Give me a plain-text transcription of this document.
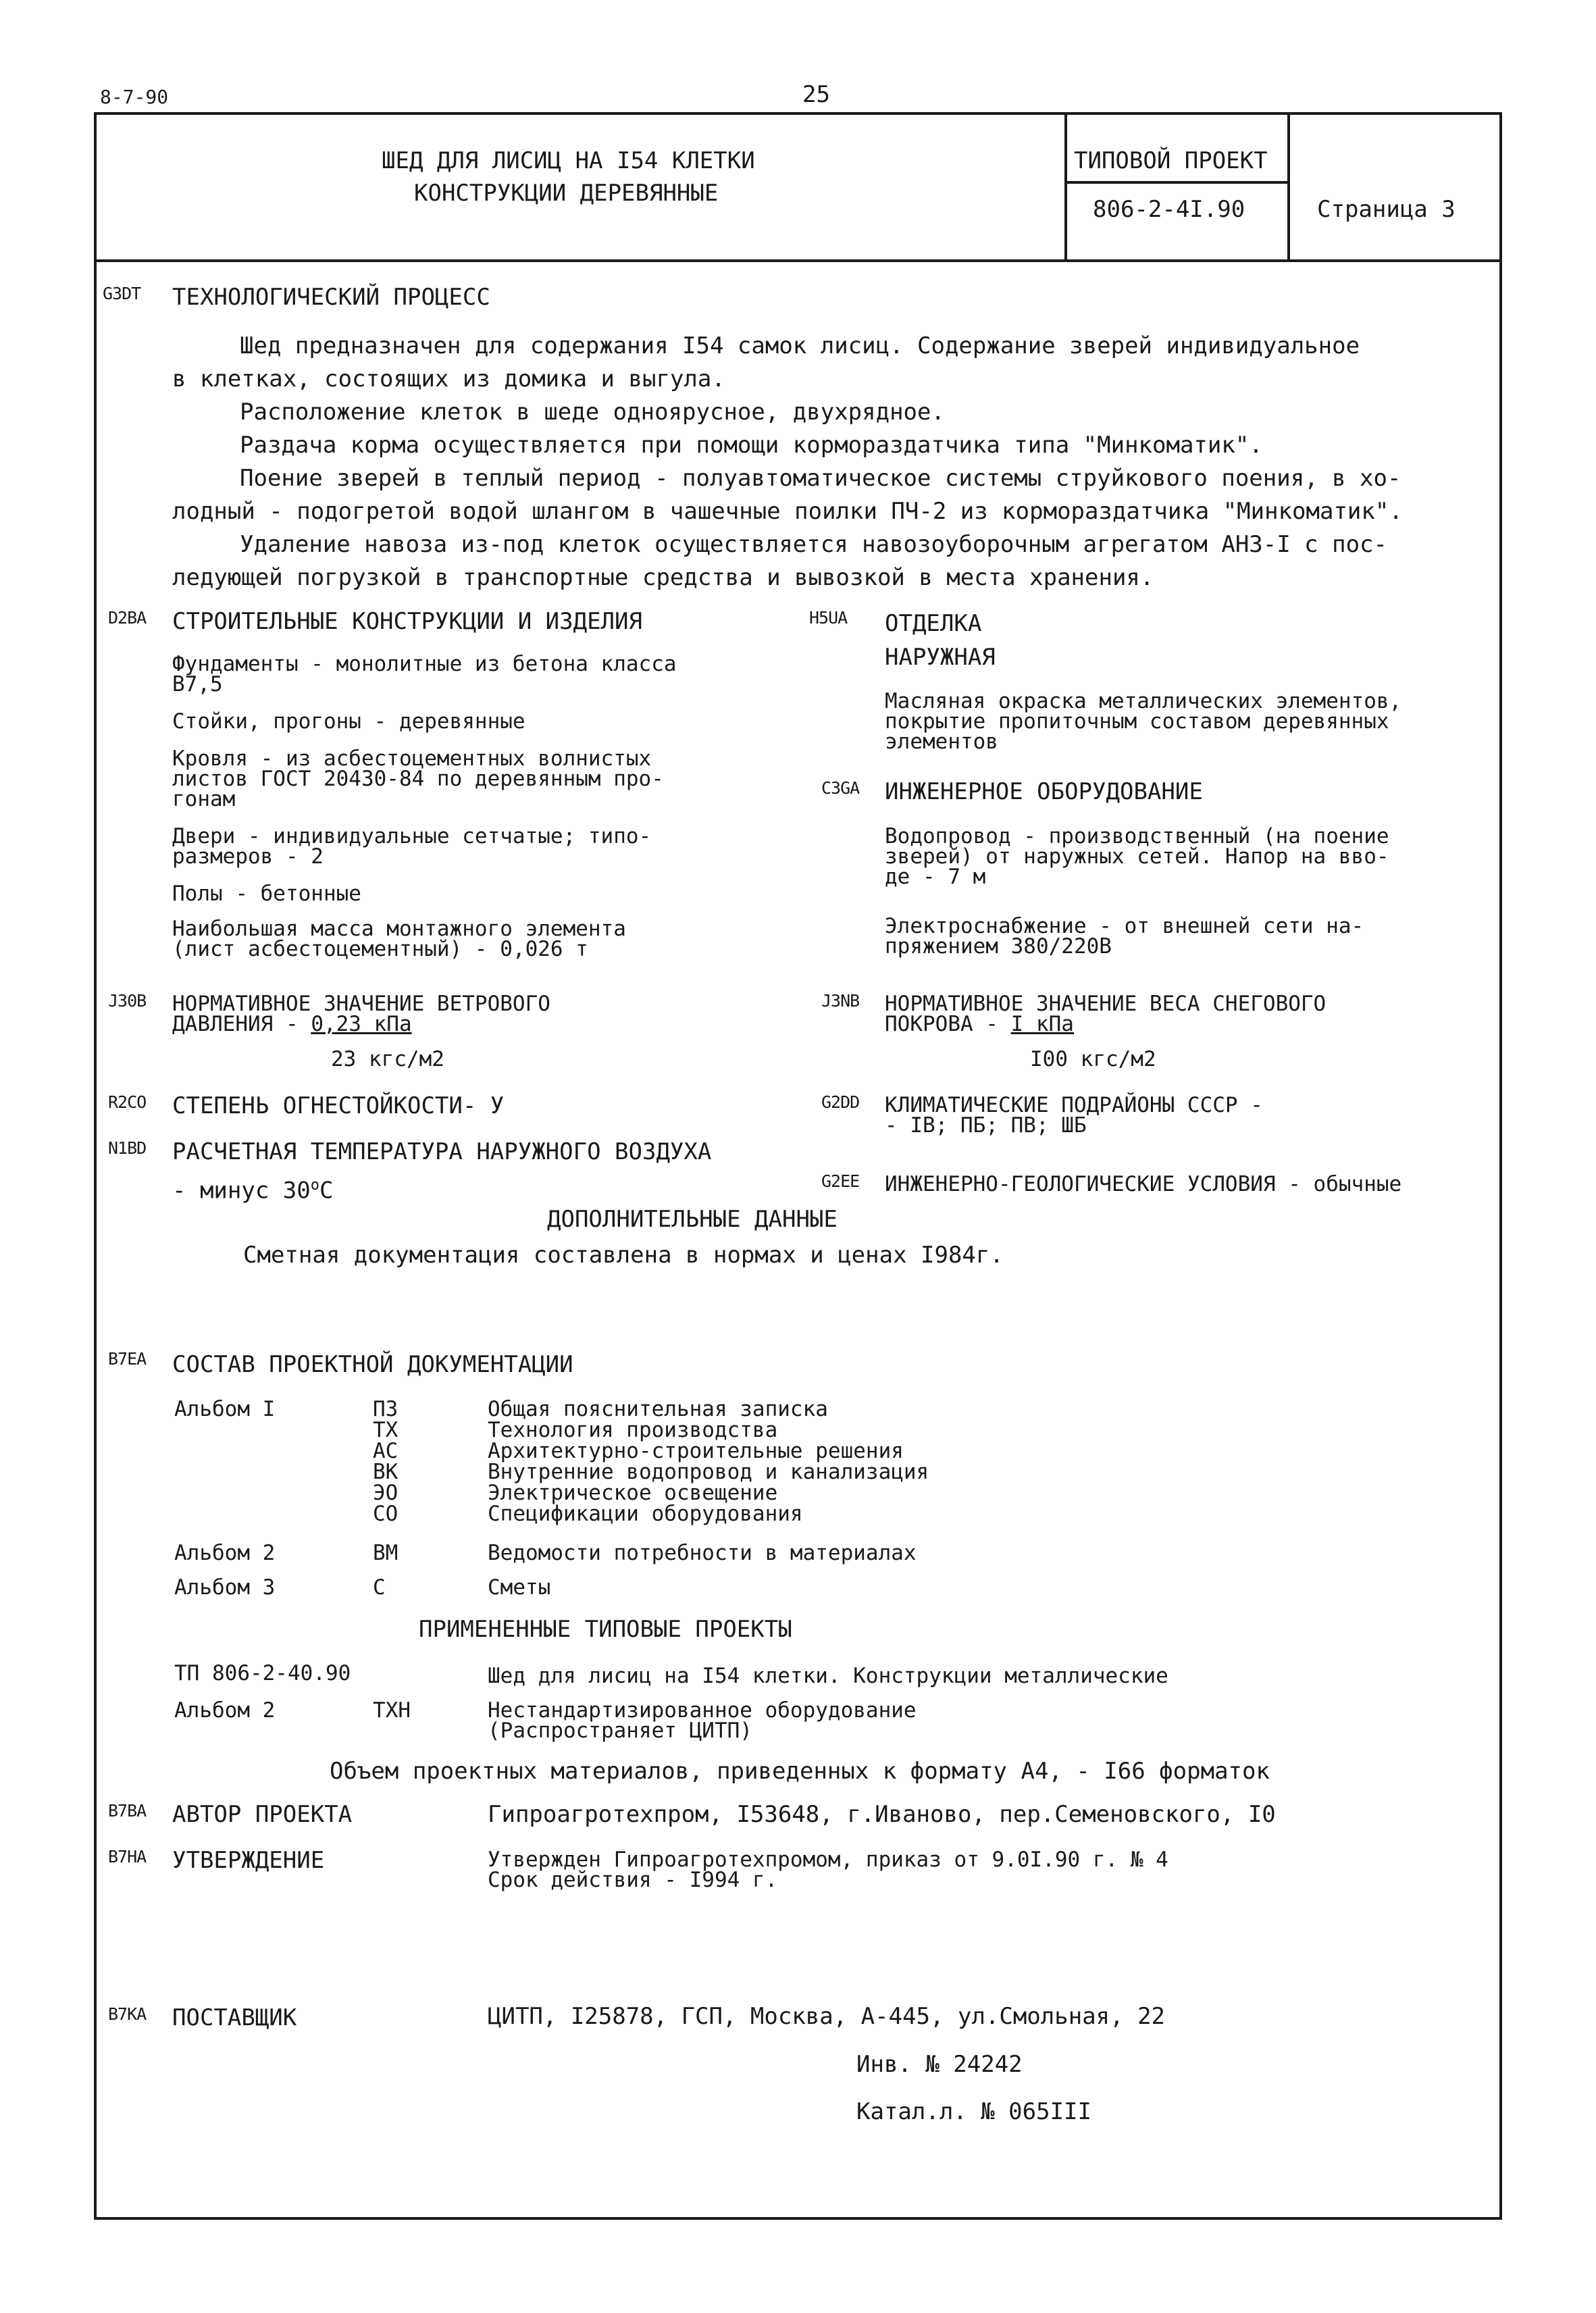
8-7-90	25
ШЕД ДЛЯ ЛИСИЦ НА I54 КЛЕТКИ
КОНСТРУКЦИИ ДЕРЕВЯННЫЕ
ТИПОВОЙ ПРОЕКТ
806-2-4I.90	Страница 3
G3DT ТЕХНОЛОГИЧЕСКИЙ ПРОЦЕСС
Шед предназначен для содержания I54 самок лисиц. Содержание зверей индивидуальное
в клетках, состоящих из домика и выгула.
Расположение клеток в шеде одноярусное, двухрядное.
Раздача корма осуществляется при помощи кормораздатчика типа "Минкоматик".
Поение зверей в теплый период - полуавтоматическое системы струйкового поения, в хо-
лодный - подогретой водой шлангом в чашечные поилки ПЧ-2 из кормораздатчика "Минкоматик".
Удаление навоза из-под клеток осуществляется навозоуборочным агрегатом АНЗ-I с пос-
ледующей погрузкой в транспортные средства и вывозкой в места хранения.
D2BA СТРОИТЕЛЬНЫЕ КОНСТРУКЦИИ И ИЗДЕЛИЯ
Фундаменты - монолитные из бетона класса
В7,5
Стойки, прогоны - деревянные
Кровля - из асбестоцементных волнистых
листов ГОСТ 20430-84 по деревянным про-
гонам
Двери - индивидуальные сетчатые; типо-
размеров - 2
Полы - бетонные
Наибольшая масса монтажного элемента
(лист асбестоцементный) - 0,026 т
H5UA ОТДЕЛКА
НАРУЖНАЯ
Масляная окраска металлических элементов,
покрытие пропиточным составом деревянных
элементов
C3GA ИНЖЕНЕРНОЕ ОБОРУДОВАНИЕ
Водопровод - производственный (на поение
зверей) от наружных сетей. Напор на вво-
де - 7 м
Электроснабжение - от внешней сети на-
пряжением 380/220В
J30B НОРМАТИВНОЕ ЗНАЧЕНИЕ ВЕТРОВОГО
ДАВЛЕНИЯ - 0,23 кПа
23 кгс/м2
J3NB НОРМАТИВНОЕ ЗНАЧЕНИЕ ВЕСА СНЕГОВОГО
ПОКРОВА - I кПа
I00 кгс/м2
R2CO СТЕПЕНЬ ОГНЕСТОЙКОСТИ- У	G2DD КЛИМАТИЧЕСКИЕ ПОДРАЙОНЫ СССР -
- IB; ПБ; ПВ; ШБ
N1BD РАСЧЕТНАЯ ТЕМПЕРАТУРА НАРУЖНОГО ВОЗДУХА
- минус $30^оС$	G2EE ИНЖЕНЕРНО-ГЕОЛОГИЧЕСКИЕ УСЛОВИЯ - обычные
ДОПОЛНИТЕЛЬНЫЕ ДАННЫЕ
Сметная документация составлена в нормах и ценах I984г.
B7EA СОСТАВ ПРОЕКТНОЙ ДОКУМЕНТАЦИИ
Альбом I	ПЗ	Общая пояснительная записка
ТХ	Технология производства
АС	Архитектурно-строительные решения
ВК	Внутренние водопровод и канализация
ЭО	Электрическое освещение
СО	Спецификации оборудования
Альбом 2	ВМ	Ведомости потребности в материалах
Альбом 3	С	Сметы
ПРИМЕНЕННЫЕ ТИПОВЫЕ ПРОЕКТЫ
ТП 806-2-40.90	Шед для лисиц на I54 клетки. Конструкции металлические
Альбом 2	ТХН	Нестандартизированное оборудование
(Распространяет ЦИТП)
Объем проектных материалов, приведенных к формату А4, - I66 форматок
B7BA АВТОР ПРОЕКТА	Гипроагротехпром, I53648, г.Иваново, пер.Семеновского, I0
B7HA УТВЕРЖДЕНИЕ	Утвержден Гипроагротехпромом, приказ от 9.0I.90 г. № 4
Срок действия - I994 г.
B7KA ПОСТАВЩИК	ЦИТП, I25878, ГСП, Москва, А-445, ул.Смольная, 22
Инв. № 24242
Катал.л. № 065III
